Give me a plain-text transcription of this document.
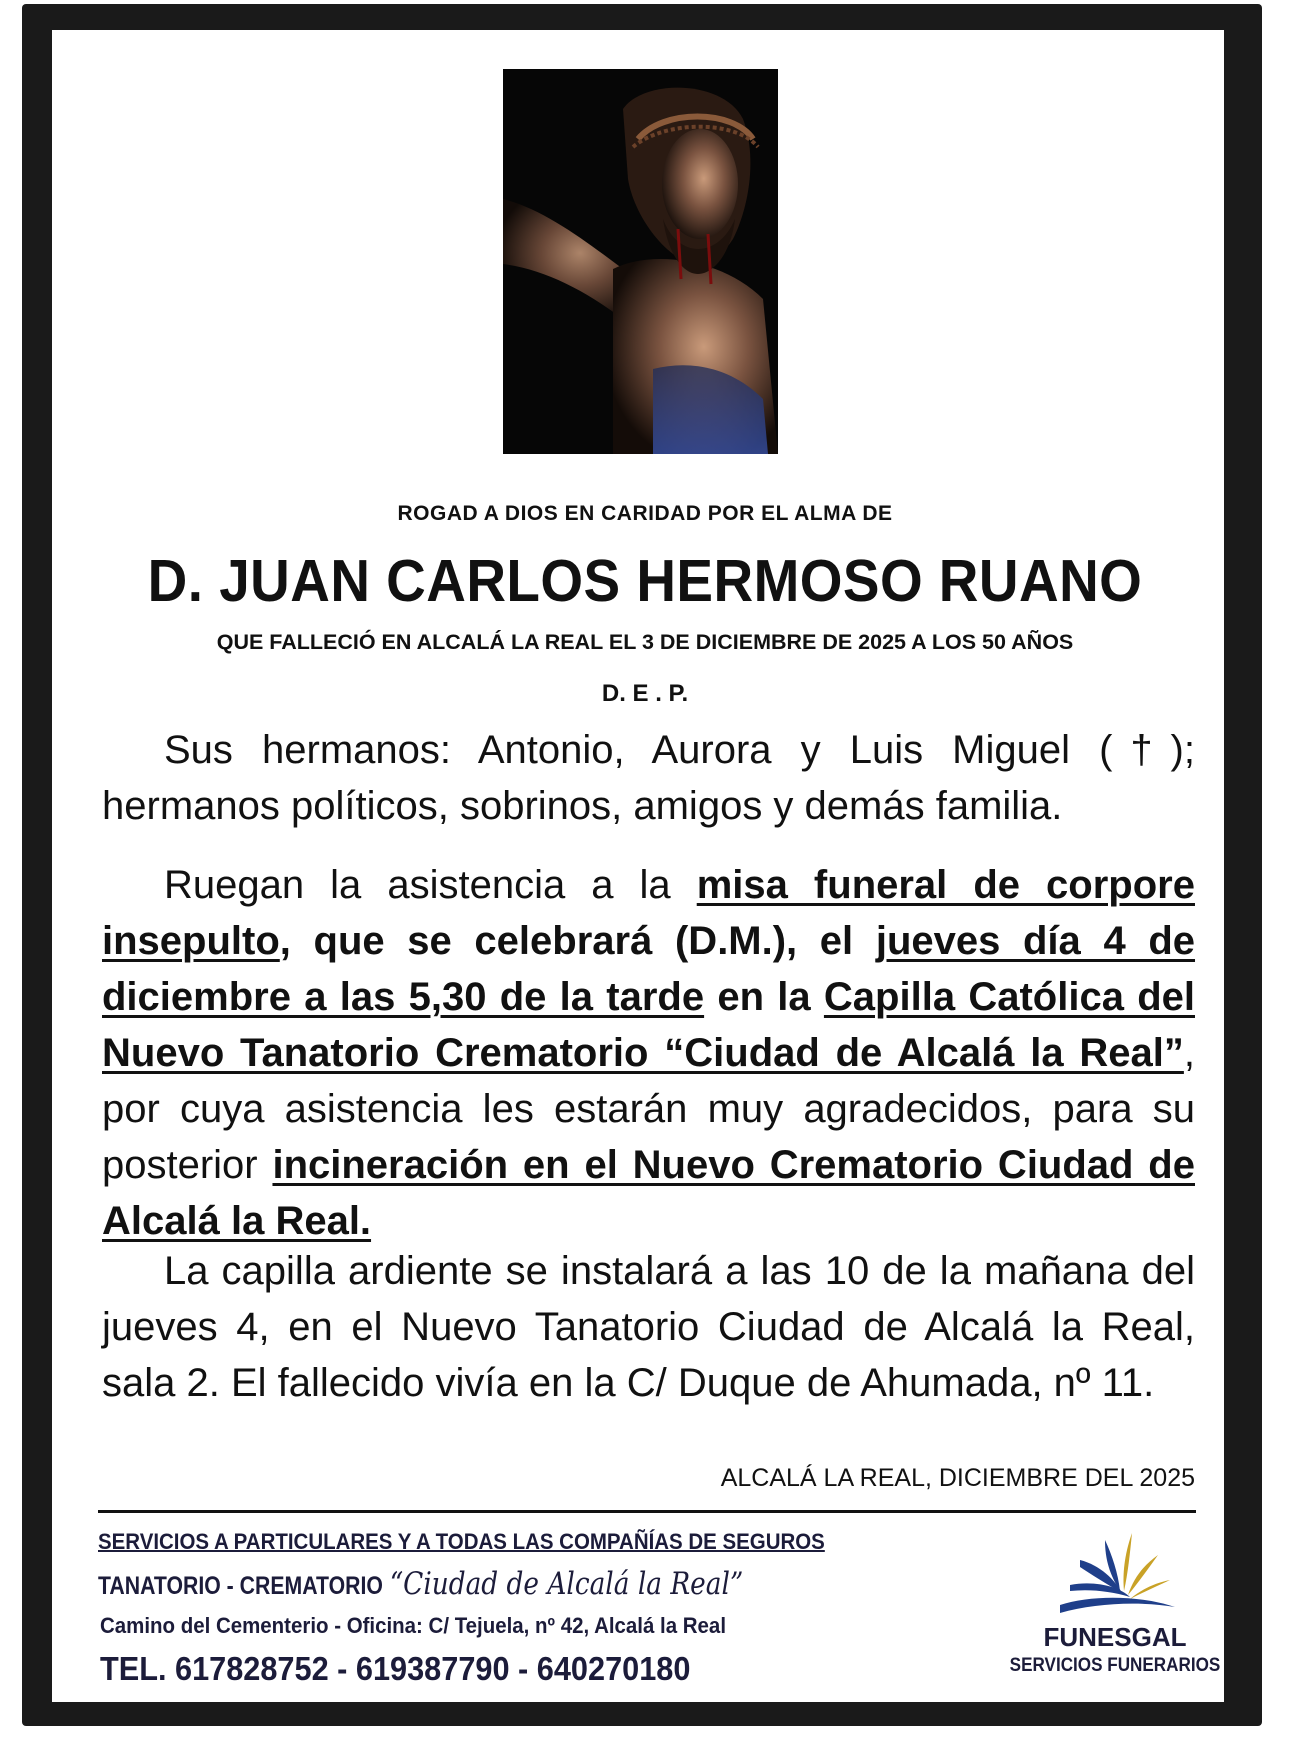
ROGAD A DIOS EN CARIDAD POR EL ALMA DE

D. JUAN CARLOS HERMOSO RUANO

QUE FALLECIÓ EN ALCALÁ LA REAL EL 3 DE DICIEMBRE DE 2025 A LOS 50 AÑOS

D. E . P.

Sus hermanos: Antonio, Aurora y Luis Miguel (†); hermanos políticos, sobrinos, amigos y demás familia.

Ruegan la asistencia a la misa funeral de corpore insepulto, que se celebrará (D.M.), el jueves día 4 de diciembre a las 5,30 de la tarde en la Capilla Católica del Nuevo Tanatorio Crematorio “Ciudad de Alcalá la Real”, por cuya asistencia les estarán muy agradecidos, para su posterior incineración en el Nuevo Crematorio Ciudad de Alcalá la Real.

La capilla ardiente se instalará a las 10 de la mañana del jueves 4, en el Nuevo Tanatorio Ciudad de Alcalá la Real, sala 2. El fallecido vivía en la C/ Duque de Ahumada, nº 11.

ALCALÁ LA REAL, DICIEMBRE DEL 2025

SERVICIOS A PARTICULARES Y A TODAS LAS COMPAÑÍAS DE SEGUROS

TANATORIO - CREMATORIO “Ciudad de Alcalá la Real”

Camino del Cementerio - Oficina: C/ Tejuela, nº 42, Alcalá la Real

TEL. 617828752 - 619387790 - 640270180

FUNESGAL

SERVICIOS FUNERARIOS
